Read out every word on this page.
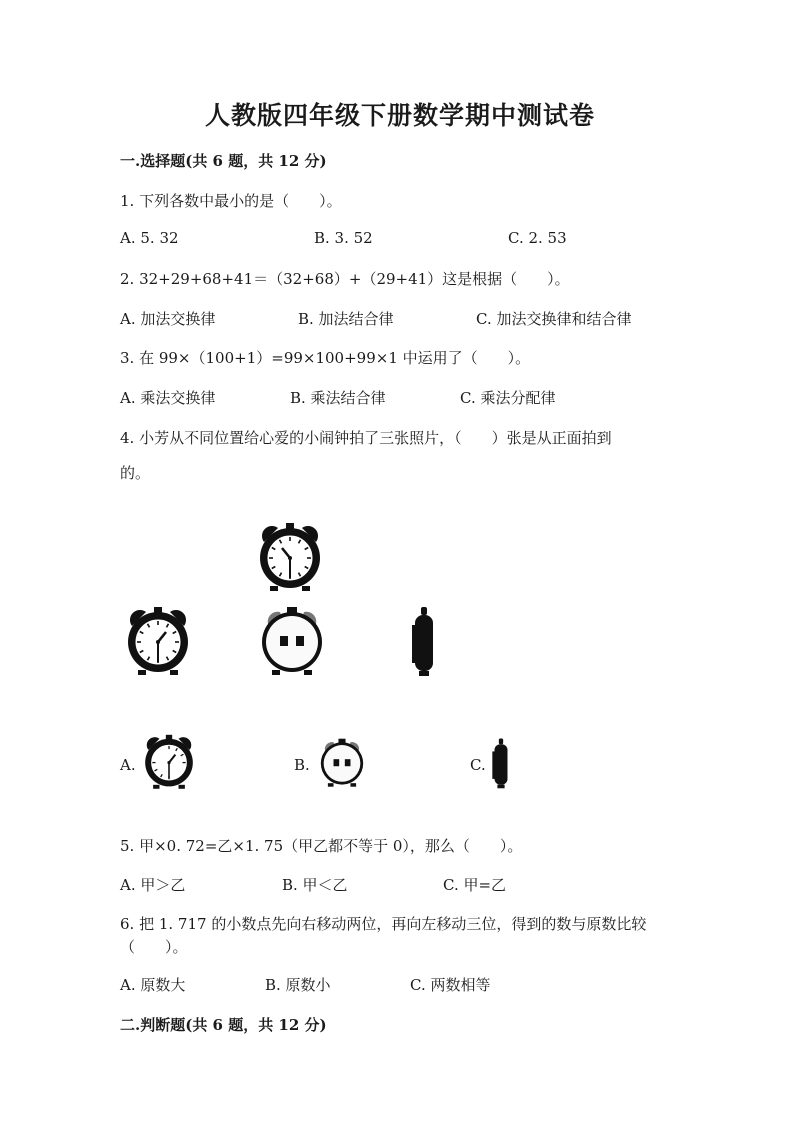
人教版四年级下册数学期中测试卷
一.选择题(共 6 题，共 12 分)
1. 下列各数中最小的是（　　）。
A. 5. 32	B. 3. 52	C. 2. 53
2. 32+29+68+41＝（32+68）+（29+41）这是根据（　　）。
A. 加法交换律	B. 加法结合律	C. 加法交换律和结合律
3. 在 99×（100+1）=99×100+99×1 中运用了（　　）。
A. 乘法交换律	B. 乘法结合律	C. 乘法分配律
4. 小芳从不同位置给心爱的小闹钟拍了三张照片，（　　）张是从正面拍到
的。
A.	B.	C.
5. 甲×0. 72=乙×1. 75（甲乙都不等于 0），那么（　　）。
A. 甲＞乙	B. 甲＜乙	C. 甲=乙
6. 把 1. 717 的小数点先向右移动两位，再向左移动三位，得到的数与原数比较
（　　）。
A. 原数大	B. 原数小	C. 两数相等
二.判断题(共 6 题，共 12 分)
